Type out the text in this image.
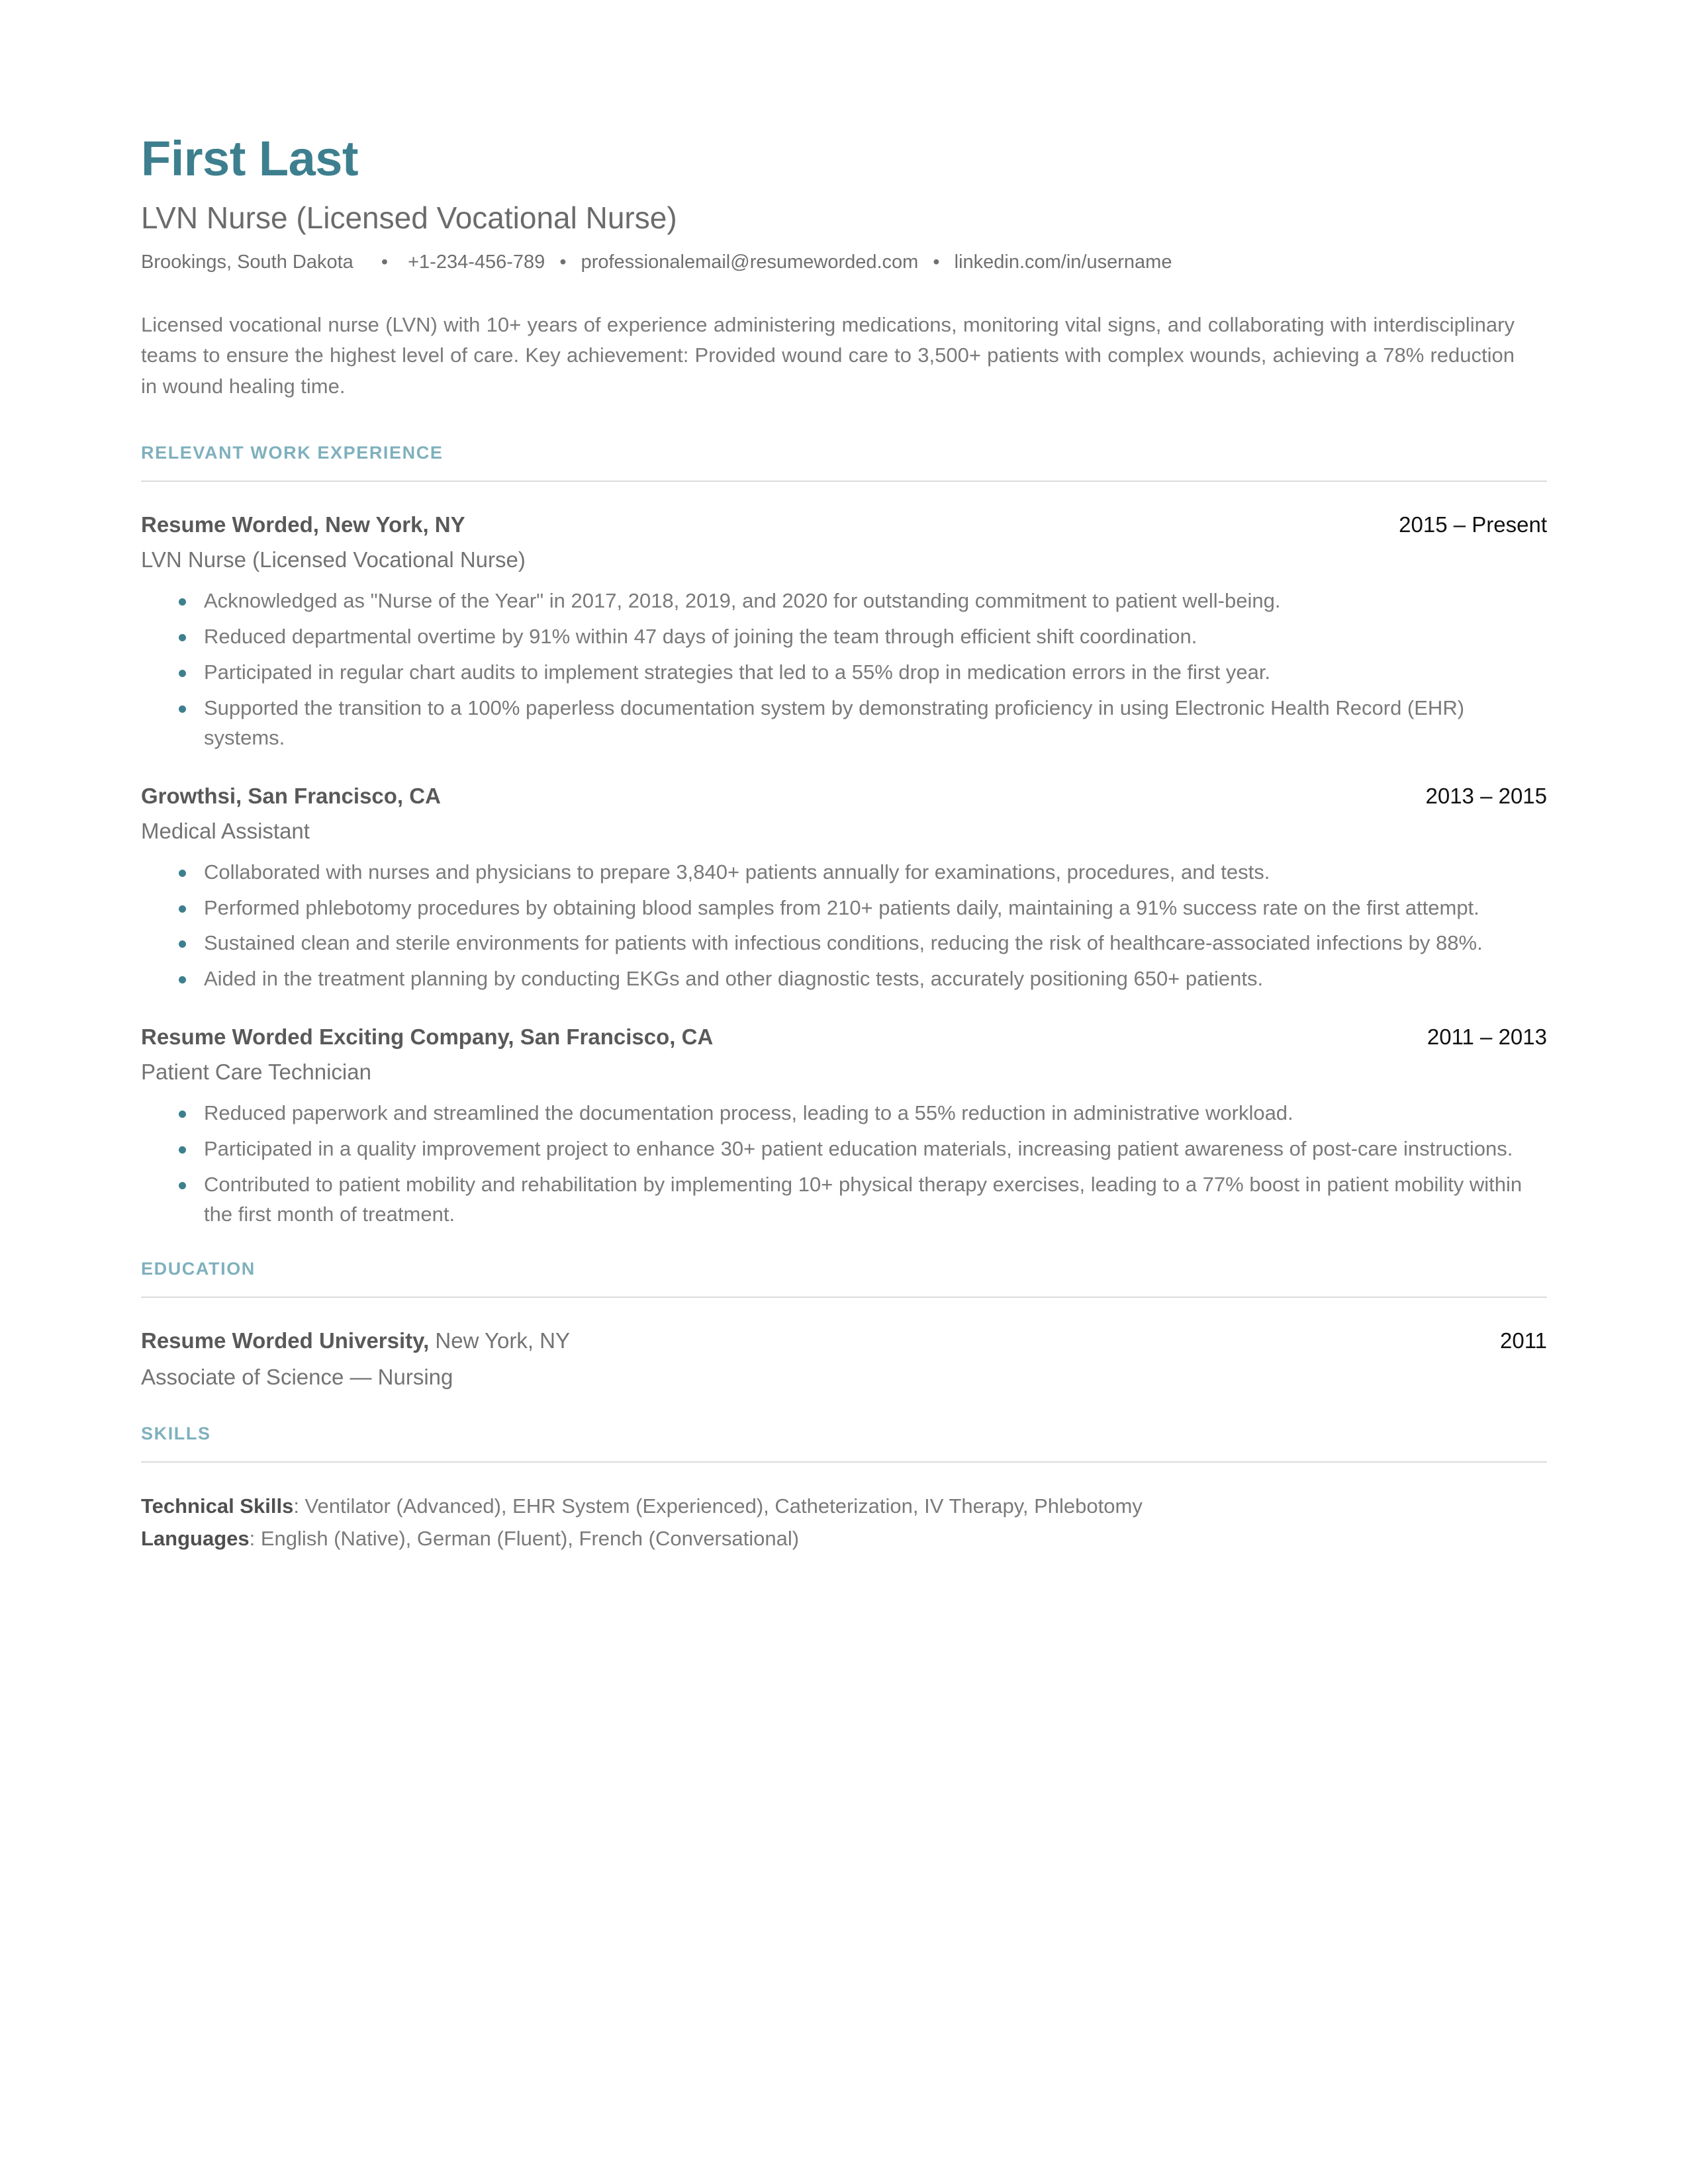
First Last
LVN Nurse (Licensed Vocational Nurse)
Brookings, South Dakota • +1-234-456-789 • professionalemail@resumeworded.com • linkedin.com/in/username
Licensed vocational nurse (LVN) with 10+ years of experience administering medications, monitoring vital signs, and collaborating with interdisciplinary teams to ensure the highest level of care. Key achievement: Provided wound care to 3,500+ patients with complex wounds, achieving a 78% reduction in wound healing time.
RELEVANT WORK EXPERIENCE
Resume Worded, New York, NY	2015 – Present
LVN Nurse (Licensed Vocational Nurse)
Acknowledged as "Nurse of the Year" in 2017, 2018, 2019, and 2020 for outstanding commitment to patient well-being.
Reduced departmental overtime by 91% within 47 days of joining the team through efficient shift coordination.
Participated in regular chart audits to implement strategies that led to a 55% drop in medication errors in the first year.
Supported the transition to a 100% paperless documentation system by demonstrating proficiency in using Electronic Health Record (EHR) systems.
Growthsi, San Francisco, CA	2013 – 2015
Medical Assistant
Collaborated with nurses and physicians to prepare 3,840+ patients annually for examinations, procedures, and tests.
Performed phlebotomy procedures by obtaining blood samples from 210+ patients daily, maintaining a 91% success rate on the first attempt.
Sustained clean and sterile environments for patients with infectious conditions, reducing the risk of healthcare-associated infections by 88%.
Aided in the treatment planning by conducting EKGs and other diagnostic tests, accurately positioning 650+ patients.
Resume Worded Exciting Company, San Francisco, CA	2011 – 2013
Patient Care Technician
Reduced paperwork and streamlined the documentation process, leading to a 55% reduction in administrative workload.
Participated in a quality improvement project to enhance 30+ patient education materials, increasing patient awareness of post-care instructions.
Contributed to patient mobility and rehabilitation by implementing 10+ physical therapy exercises, leading to a 77% boost in patient mobility within the first month of treatment.
EDUCATION
Resume Worded University, New York, NY	2011
Associate of Science — Nursing
SKILLS
Technical Skills: Ventilator (Advanced), EHR System (Experienced), Catheterization, IV Therapy, Phlebotomy
Languages: English (Native), German (Fluent), French (Conversational)
